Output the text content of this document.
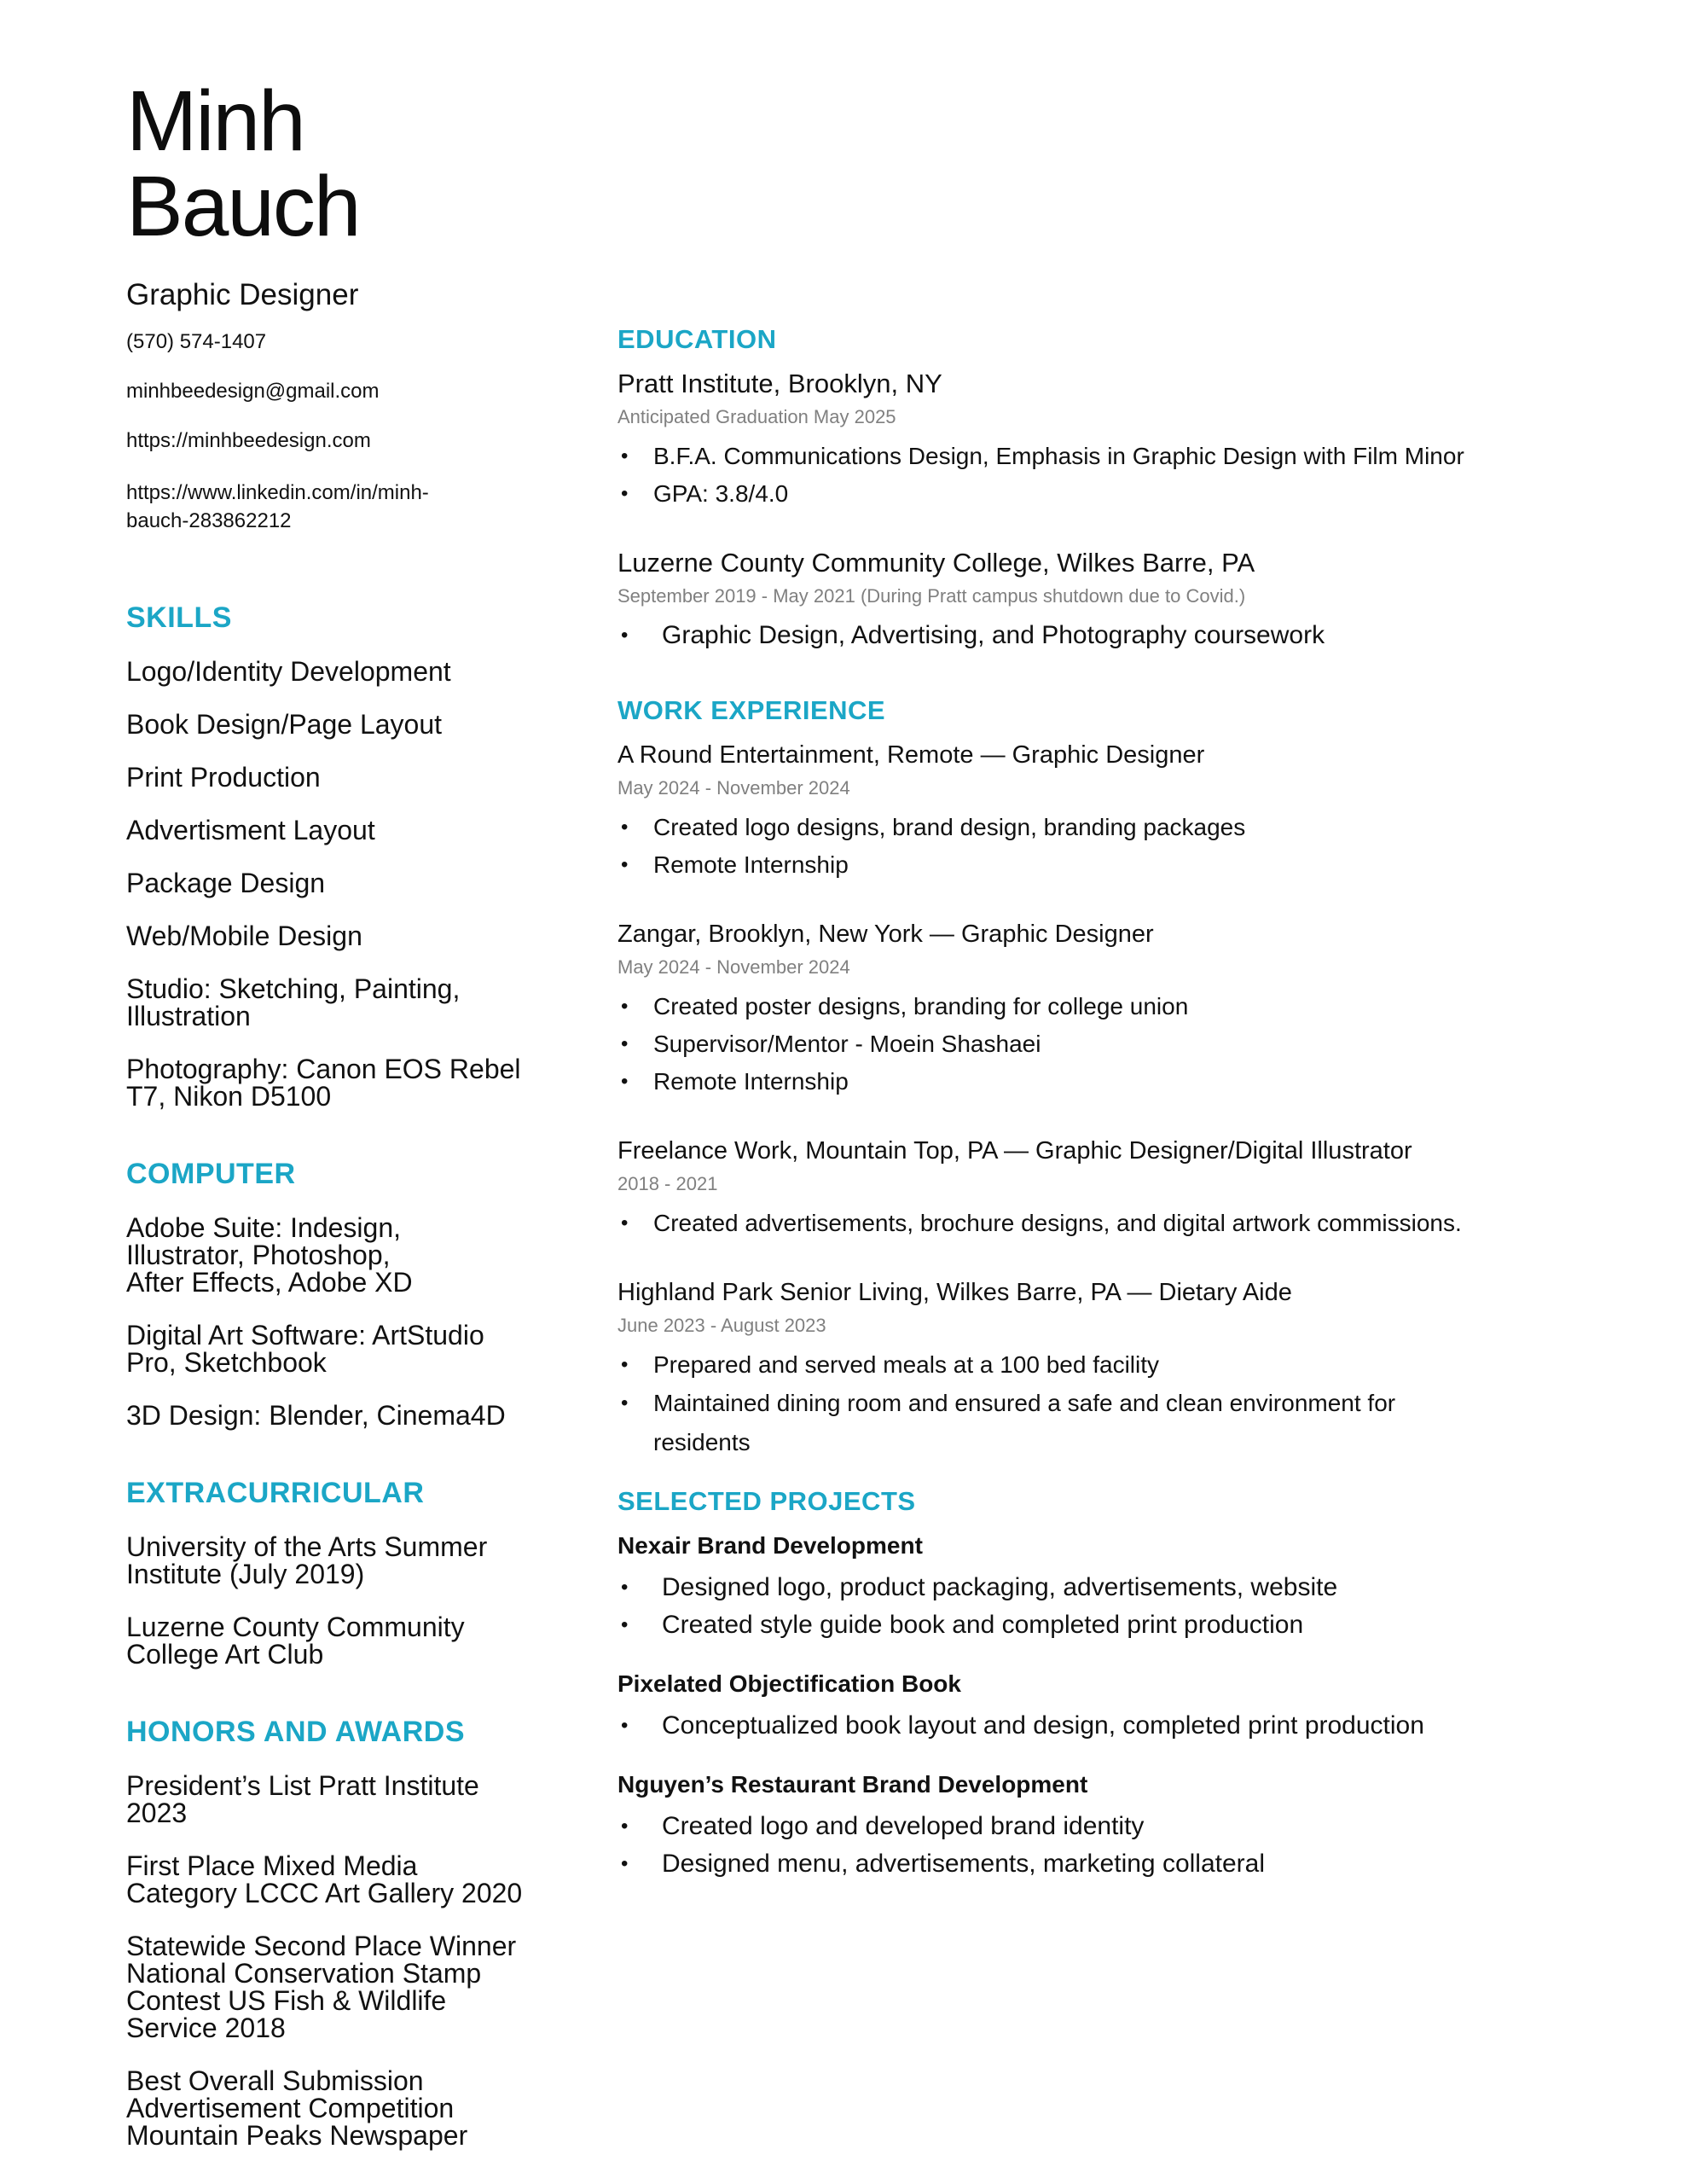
Minh Bauch
Graphic Designer
(570) 574-1407
minhbeedesign@gmail.com
https://minhbeedesign.com
https://www.linkedin.com/in/minh-
bauch-283862212
SKILLS
Logo/Identity Development
Book Design/Page Layout
Print Production
Advertisment Layout
Package Design
Web/Mobile Design
Studio: Sketching, Painting, Illustration
Photography: Canon EOS Rebel T7, Nikon D5100
COMPUTER
Adobe Suite: Indesign, Illustrator, Photoshop, After Effects, Adobe XD
Digital Art Software: ArtStudio Pro, Sketchbook
3D Design: Blender, Cinema4D
EXTRACURRICULAR
University of the Arts Summer Institute (July 2019)
Luzerne County Community College Art Club
HONORS AND AWARDS
President’s List Pratt Institute 2023
First Place Mixed Media Category LCCC Art Gallery 2020
Statewide Second Place Winner National Conservation Stamp Contest US Fish & Wildlife Service 2018
Best Overall Submission Advertisement Competition Mountain Peaks Newspaper
EDUCATION
Pratt Institute, Brooklyn, NY
Anticipated Graduation May 2025
• B.F.A. Communications Design, Emphasis in Graphic Design with Film Minor
• GPA: 3.8/4.0
Luzerne County Community College, Wilkes Barre, PA
September 2019 - May 2021 (During Pratt campus shutdown due to Covid.)
• Graphic Design, Advertising, and Photography coursework
WORK EXPERIENCE
A Round Entertainment, Remote — Graphic Designer
May 2024 - November 2024
• Created logo designs, brand design, branding packages
• Remote Internship
Zangar, Brooklyn, New York — Graphic Designer
May 2024 - November 2024
• Created poster designs, branding for college union
• Supervisor/Mentor - Moein Shashaei
• Remote Internship
Freelance Work, Mountain Top, PA — Graphic Designer/Digital Illustrator
2018 - 2021
• Created advertisements, brochure designs, and digital artwork commissions.
Highland Park Senior Living, Wilkes Barre, PA — Dietary Aide
June 2023 - August 2023
• Prepared and served meals at a 100 bed facility
• Maintained dining room and ensured a safe and clean environment for residents
SELECTED PROJECTS
Nexair Brand Development
• Designed logo, product packaging, advertisements, website
• Created style guide book and completed print production
Pixelated Objectification Book
• Conceptualized book layout and design, completed print production
Nguyen’s Restaurant Brand Development
• Created logo and developed brand identity
• Designed menu, advertisements, marketing collateral
